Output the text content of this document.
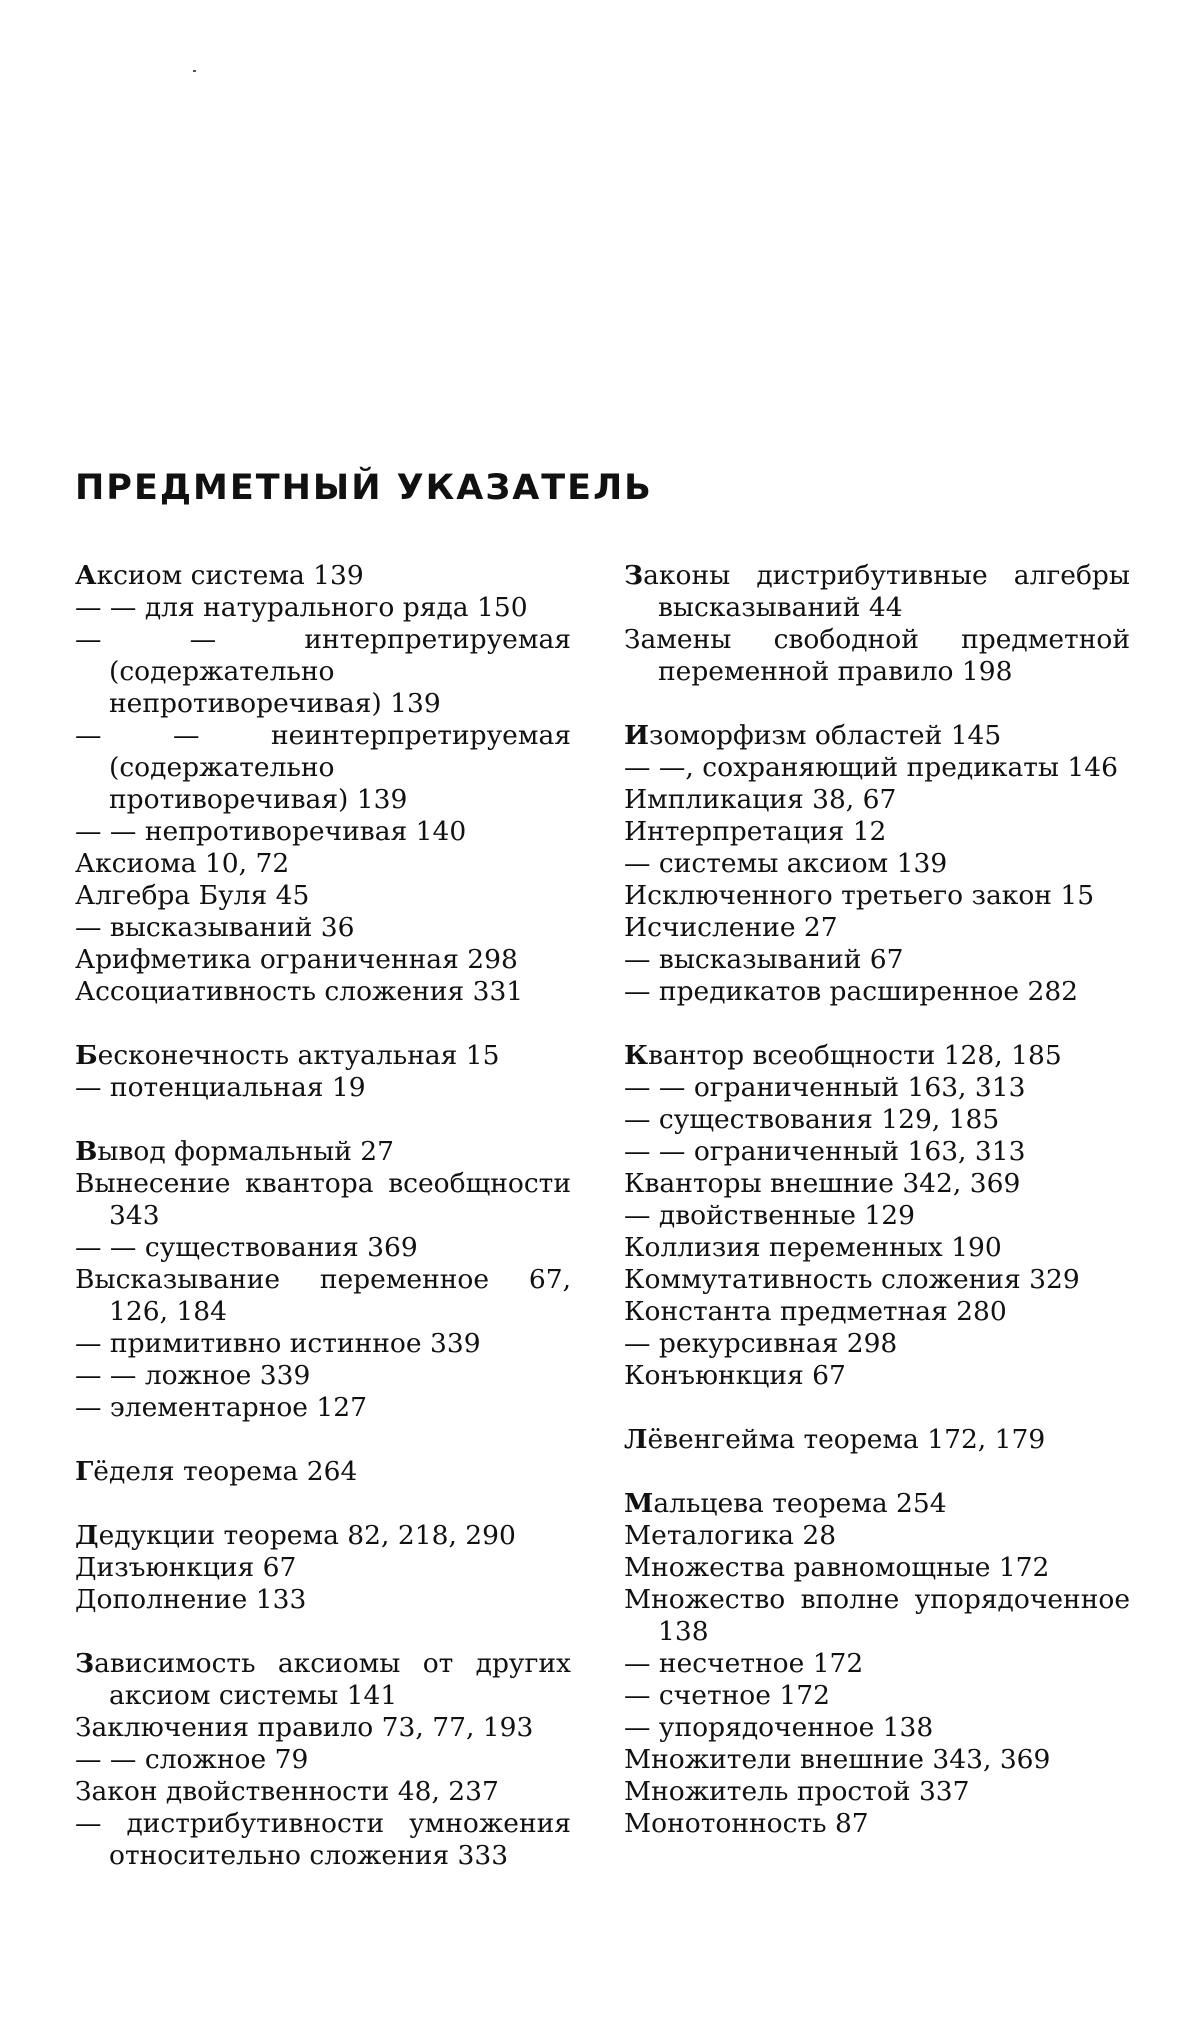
ПРЕДМЕТНЫЙ УКАЗАТЕЛЬ
Аксиом система 139
— — для натурального ряда 150
— — интерпретируемая (содержательно непротиворечивая) 139
— — неинтерпретируемая (содержательно противоречивая) 139
— — непротиворечивая 140
Аксиома 10, 72
Алгебра Буля 45
— высказываний 36
Арифметика ограниченная 298
Ассоциативность сложения 331
Бесконечность актуальная 15
— потенциальная 19
Вывод формальный 27
Вынесение квантора всеобщности 343
— — существования 369
Высказывание переменное 67, 126, 184
— примитивно истинное 339
— — ложное 339
— элементарное 127
Гёделя теорема 264
Дедукции теорема 82, 218, 290
Дизъюнкция 67
Дополнение 133
Зависимость аксиомы от других аксиом системы 141
Заключения правило 73, 77, 193
— — сложное 79
Закон двойственности 48, 237
— дистрибутивности умножения относительно сложения 333
Законы дистрибутивные алгебры высказываний 44
Замены свободной предметной переменной правило 198
Изоморфизм областей 145
— —, сохраняющий предикаты 146
Импликация 38, 67
Интерпретация 12
— системы аксиом 139
Исключенного третьего закон 15
Исчисление 27
— высказываний 67
— предикатов расширенное 282
Квантор всеобщности 128, 185
— — ограниченный 163, 313
— существования 129, 185
— — ограниченный 163, 313
Кванторы внешние 342, 369
— двойственные 129
Коллизия переменных 190
Коммутативность сложения 329
Константа предметная 280
— рекурсивная 298
Конъюнкция 67
Лёвенгейма теорема 172, 179
Мальцева теорема 254
Металогика 28
Множества равномощные 172
Множество вполне упорядоченное 138
— несчетное 172
— счетное 172
— упорядоченное 138
Множители внешние 343, 369
Множитель простой 337
Монотонность 87
